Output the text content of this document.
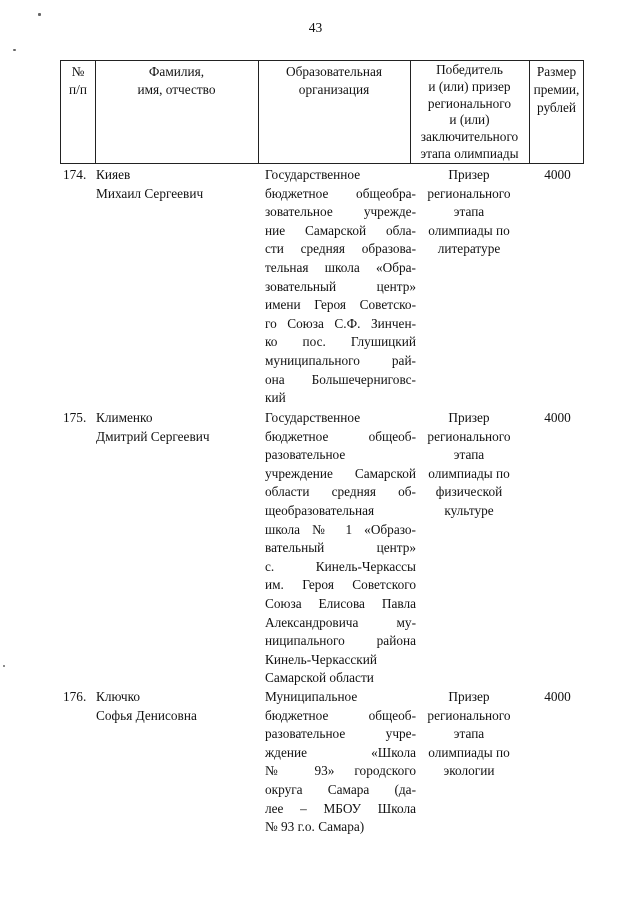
43
№
п/п
Фамилия,
имя, отчество
Образовательная
организация
Победитель
и (или) призер
регионального
и (или)
заключительного
этапа олимпиады
Размер
премии,
рублей
174. Кияев
Михаил Сергеевич
Государственное
бюджетное общеобра-
зовательное учрежде-
ние Самарской обла-
сти средняя образова-
тельная школа «Обра-
зовательный центр»
имени Героя Советско-
го Союза С.Ф. Зинчен-
ко пос. Глушицкий
муниципального рай-
она Большечерниговс-
кий
Призер
регионального
этапа
олимпиады по
литературе
4000
175. Клименко
Дмитрий Сергеевич
Государственное
бюджетное общеоб-
разовательное
учреждение Самарской
области средняя об-
щеобразовательная
школа № 1 «Образо-
вательный центр»
с. Кинель-Черкассы
им. Героя Советского
Союза Елисова Павла
Александровича му-
ниципального района
Кинель-Черкасский
Самарской области
Призер
регионального
этапа
олимпиады по
физической
культуре
4000
176. Ключко
Софья Денисовна
Муниципальное
бюджетное общеоб-
разовательное учре-
ждение «Школа
№ 93» городского
округа Самара (да-
лее – МБОУ Школа
№ 93 г.о. Самара)
Призер
регионального
этапа
олимпиады по
экологии
4000
